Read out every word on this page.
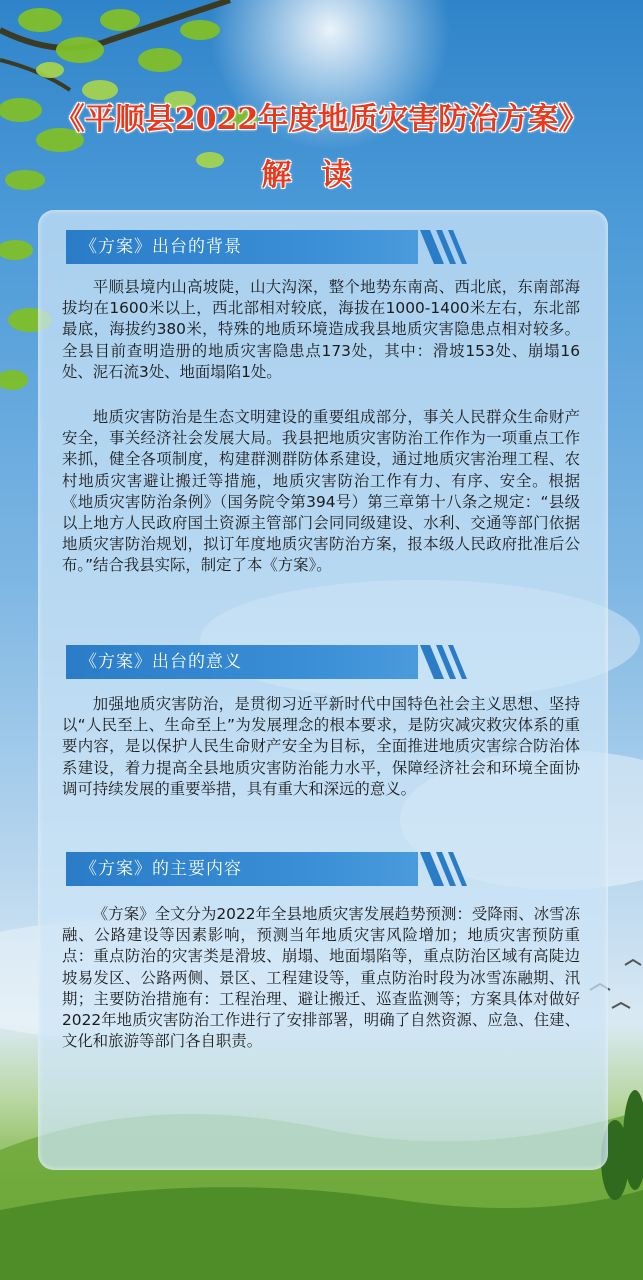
《平顺县2022年度地质灾害防治方案》
解读
《方案》出台的背景

平顺县境内山高坡陡，山大沟深，整个地势东南高、西北底，东南部海拔均在1600米以上，西北部相对较底，海拔在1000-1400米左右，东北部最底，海拔约380米，特殊的地质环境造成我县地质灾害隐患点相对较多。全县目前查明造册的地质灾害隐患点173处，其中：滑坡153处、崩塌16处、泥石流3处、地面塌陷1处。

地质灾害防治是生态文明建设的重要组成部分，事关人民群众生命财产安全，事关经济社会发展大局。我县把地质灾害防治工作作为一项重点工作来抓，健全各项制度，构建群测群防体系建设，通过地质灾害治理工程、农村地质灾害避让搬迁等措施，地质灾害防治工作有力、有序、安全。根据《地质灾害防治条例》（国务院令第394号）第三章第十八条之规定：“县级以上地方人民政府国土资源主管部门会同同级建设、水利、交通等部门依据地质灾害防治规划，拟订年度地质灾害防治方案，报本级人民政府批准后公布。”结合我县实际，制定了本《方案》。

《方案》出台的意义

加强地质灾害防治，是贯彻习近平新时代中国特色社会主义思想、坚持以“人民至上、生命至上”为发展理念的根本要求，是防灾减灾救灾体系的重要内容，是以保护人民生命财产安全为目标，全面推进地质灾害综合防治体系建设，着力提高全县地质灾害防治能力水平，保障经济社会和环境全面协调可持续发展的重要举措，具有重大和深远的意义。

《方案》的主要内容

《方案》全文分为2022年全县地质灾害发展趋势预测：受降雨、冰雪冻融、公路建设等因素影响，预测当年地质灾害风险增加；地质灾害预防重点：重点防治的灾害类是滑坡、崩塌、地面塌陷等，重点防治区域有高陡边坡易发区、公路两侧、景区、工程建设等，重点防治时段为冰雪冻融期、汛期；主要防治措施有：工程治理、避让搬迁、巡查监测等；方案具体对做好2022年地质灾害防治工作进行了安排部署，明确了自然资源、应急、住建、文化和旅游等部门各自职责。
